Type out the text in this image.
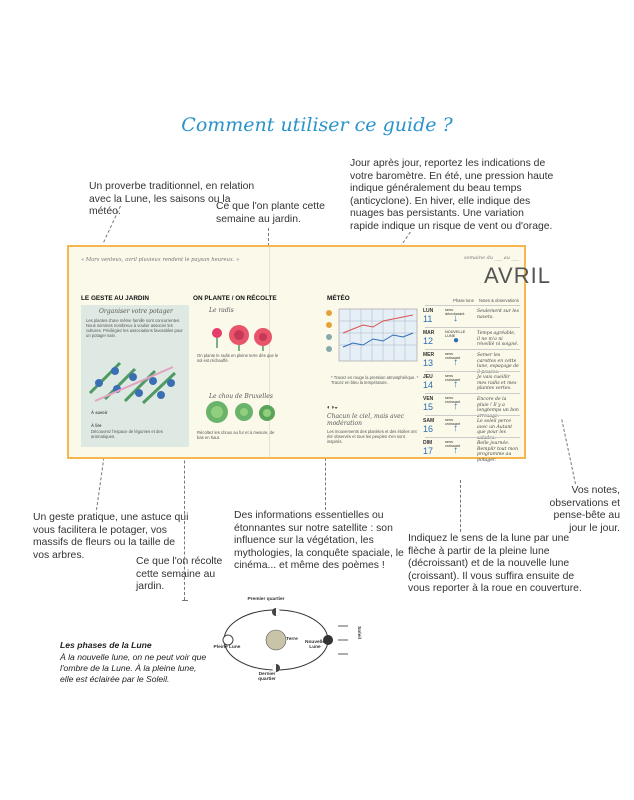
Comment utiliser ce guide ?
Un proverbe traditionnel, en relation avec la Lune, les saisons ou la météo.	Ce que l'on plante cette semaine au jardin.
Jour après jour, reportez les indications de votre baromètre. En été, une pression haute indique généralement du beau temps (anticyclone). En hiver, elle indique des nuages bas persistants. Une variation rapide indique un risque de vent ou d'orage.
Un geste pratique, une astuce qui vous facilitera le potager, vos massifs de fleurs ou la taille de vos arbres.
Des informations essentielles ou étonnantes sur notre satellite : son influence sur la végétation, les mythologies, la conquête spaciale, le cinéma... et même des poèmes !
Ce que l'on récolte cette semaine au jardin.
Indiquez le sens de la lune par une flèche à partir de la pleine lune (décroissant) et de la nouvelle lune (croissant). Il vous suffira ensuite de vous reporter à la roue en couverture.
Vos notes, observations et pense-bête au jour le jour.
« Mars venteux, avril pluvieux rendent le paysan heureux. »
LE GESTE AU JARDIN
Organiser votre potager
Les plantes d'une même famille sont concurrentes. Nous sommes nombreux à vouloir associer les cultures. Privilégiez les associations favorables pour un potager sain.
À savoir
À lire
Découvrez l'espace de légumes et des aromatiques.
ON PLANTE / ON RÉCOLTE
Le radis
On plante le radis en pleine terre dès que le sol est réchauffé.
Le chou de Bruxelles
Récoltez les choux au fur et à mesure, de bas en haut.
MÉTÉO
* Tracez en rouge la pression atmosphérique. * Tracez en bleu la température.
◐◑◒
Chacun le ciel, mais avec modération
Les mouvements des planètes et des étoiles ont été observés et tous les peuples s'en sont inspirés.
semaine du ___ au ___
AVRIL
Phase lune Notes & observations
LUN
11
sens décroissant
↓
Seulement sur les navets.
MAR
12
NOUVELLE LUNE
●
Temps agréable, il ne m'a ni réveillé ni soigné.
MER
13
sens croissant
↑
Semer les carottes en cette lune, espaçage de 3 pouces.
JEU
14
sens croissant
↑
Je vais cueillir mes radis et mes plantes vertes.
VEN
15
sens croissant
↑
Encore de la pluie ! Il y a longtemps un bon arrosage.
SAM
16
sens croissant
↑
Le soleil perce avec un Autant que pour les salades.
DIM
17
sens croissant
↑
Belle journée. Remplir tout mon programme au potager.
Premier quartier
Pleine Lune
Terre
Nouvelle Lune
Dernier quartier
Soleil
Les phases de la Lune
À la nouvelle lune, on ne peut voir que l'ombre de la Lune. À la pleine lune, elle est éclairée par le Soleil.
